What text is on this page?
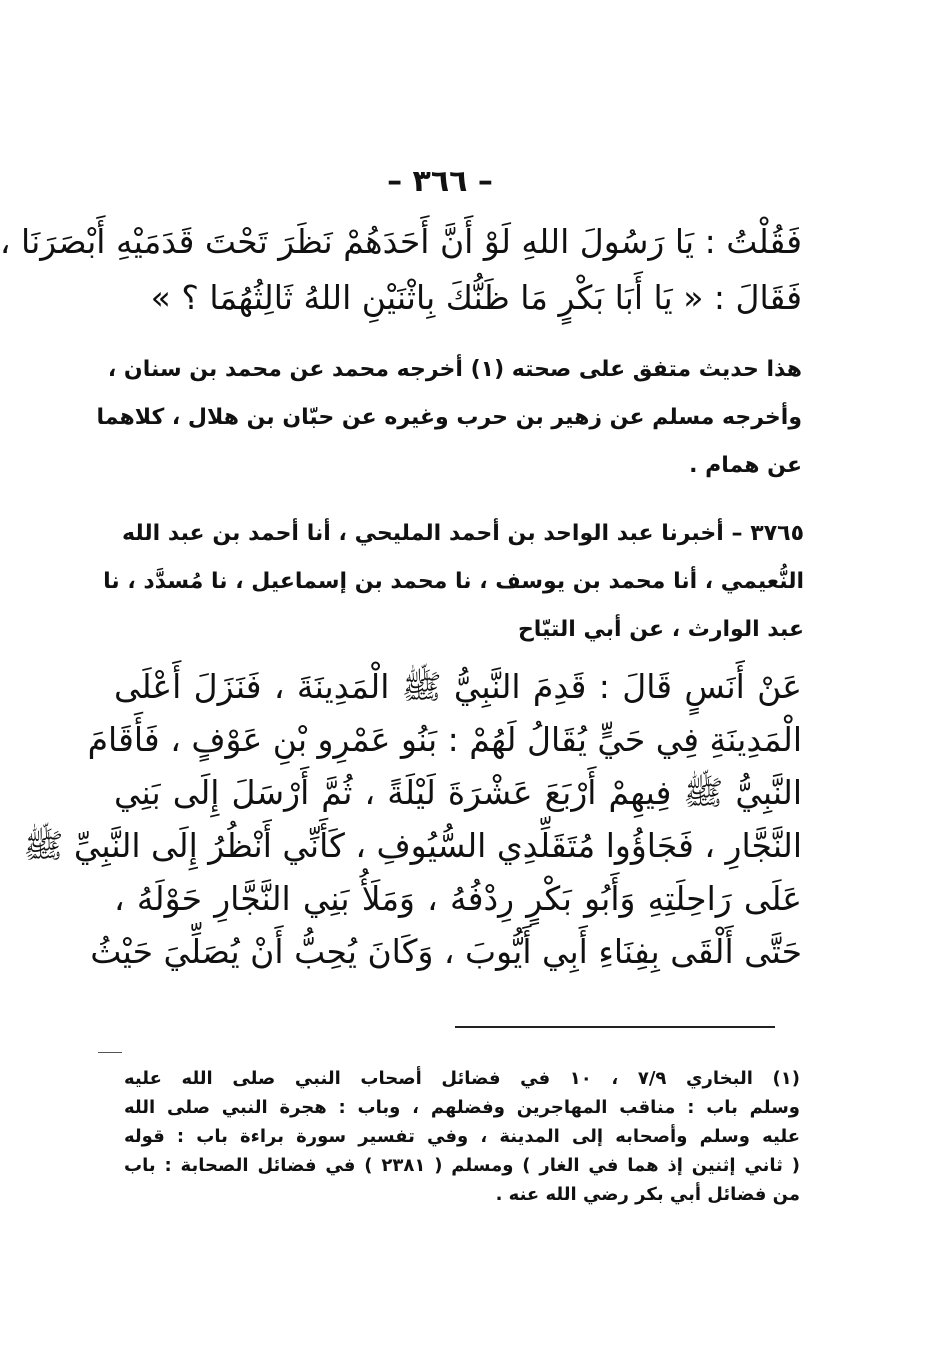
– ٣٦٦ –
فَقُلْتُ : يَا رَسُولَ اللهِ لَوْ أَنَّ أَحَدَهُمْ نَظَرَ تَحْتَ قَدَمَيْهِ أَبْصَرَنَا ،
فَقَالَ : « يَا أَبَا بَكْرٍ مَا ظَنُّكَ بِاثْنَيْنِ اللهُ ثَالِثُهُمَا ؟ »
هذا حديث متفق على صحته (١) أخرجه محمد عن محمد بن سنان ،
وأخرجه مسلم عن زهير بن حرب وغيره عن حبّان بن هلال ، كلاهما
عن همام .
٣٧٦٥ – أخبرنا عبد الواحد بن أحمد المليحي ، أنا أحمد بن عبد الله
النُّعيمي ، أنا محمد بن يوسف ، نا محمد بن إسماعيل ، نا مُسدَّد ، نا
عبد الوارث ، عن أبي التيّاح
عَنْ أَنَسٍ قَالَ : قَدِمَ النَّبِيُّ ﷺ الْمَدِينَةَ ، فَنَزَلَ أَعْلَى
الْمَدِينَةِ فِي حَيٍّ يُقَالُ لَهُمْ : بَنُو عَمْرِو بْنِ عَوْفٍ ، فَأَقَامَ
النَّبِيُّ ﷺ فِيهِمْ أَرْبَعَ عَشْرَةَ لَيْلَةً ، ثُمَّ أَرْسَلَ إِلَى بَنِي
النَّجَّارِ ، فَجَاؤُوا مُتَقَلِّدِي السُّيُوفِ ، كَأَنِّي أَنْظُرُ إِلَى النَّبِيِّ ﷺ
عَلَى رَاحِلَتِهِ وَأَبُو بَكْرٍ رِدْفُهُ ، وَمَلَأُ بَنِي النَّجَّارِ حَوْلَهُ ،
حَتَّى أَلْقَى بِفِنَاءِ أَبِي أَيُّوبَ ، وَكَانَ يُحِبُّ أَنْ يُصَلِّيَ حَيْثُ
(١) البخاري ٧/٩ ، ١٠ في فضائل أصحاب النبي صلى الله عليه
وسلم باب : مناقب المهاجرين وفضلهم ، وباب : هجرة النبي صلى الله
عليه وسلم وأصحابه إلى المدينة ، وفي تفسير سورة براءة باب : قوله
( ثاني إثنين إذ هما في الغار ) ومسلم ( ٢٣٨١ ) في فضائل الصحابة : باب
من فضائل أبي بكر رضي الله عنه .
